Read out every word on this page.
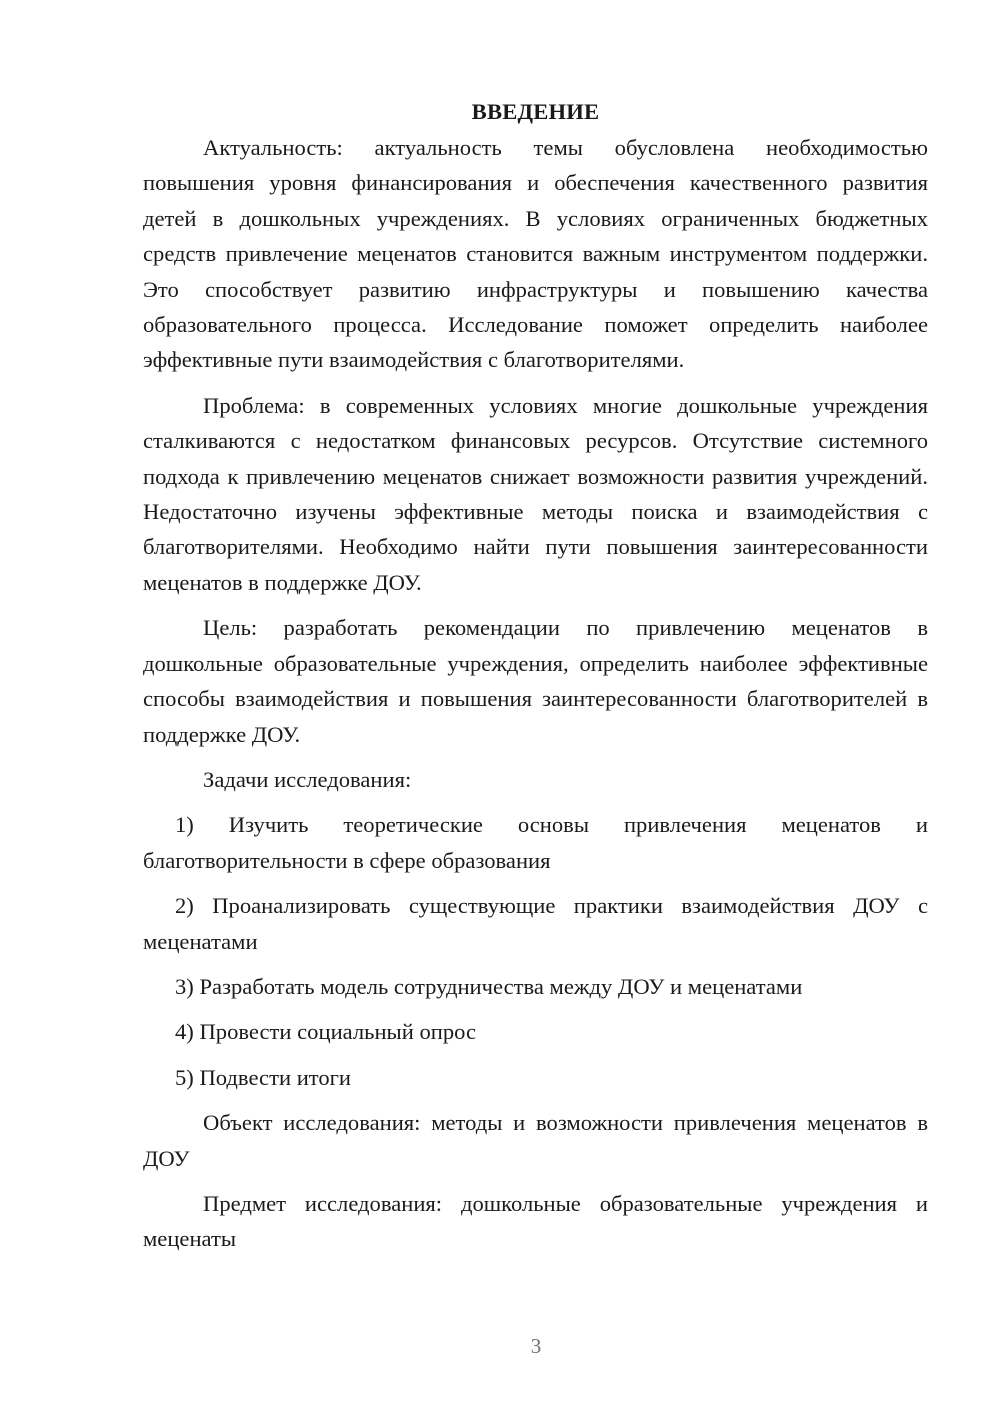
ВВЕДЕНИЕ

Актуальность: актуальность темы обусловлена необходимостью повышения уровня финансирования и обеспечения качественного развития детей в дошкольных учреждениях. В условиях ограниченных бюджетных средств привлечение меценатов становится важным инструментом поддержки. Это способствует развитию инфраструктуры и повышению качества образовательного процесса. Исследование поможет определить наиболее эффективные пути взаимодействия с благотворителями.

Проблема: в современных условиях многие дошкольные учреждения сталкиваются с недостатком финансовых ресурсов. Отсутствие системного подхода к привлечению меценатов снижает возможности развития учреждений. Недостаточно изучены эффективные методы поиска и взаимодействия с благотворителями. Необходимо найти пути повышения заинтересованности меценатов в поддержке ДОУ.

Цель: разработать рекомендации по привлечению меценатов в дошкольные образовательные учреждения, определить наиболее эффективные способы взаимодействия и повышения заинтересованности благотворителей в поддержке ДОУ.

Задачи исследования:

1) Изучить теоретические основы привлечения меценатов и благотворительности в сфере образования

2) Проанализировать существующие практики взаимодействия ДОУ с меценатами

3) Разработать модель сотрудничества между ДОУ и меценатами

4) Провести социальный опрос

5) Подвести итоги

Объект исследования: методы и возможности привлечения меценатов в ДОУ

Предмет исследования: дошкольные образовательные учреждения и меценаты

3
